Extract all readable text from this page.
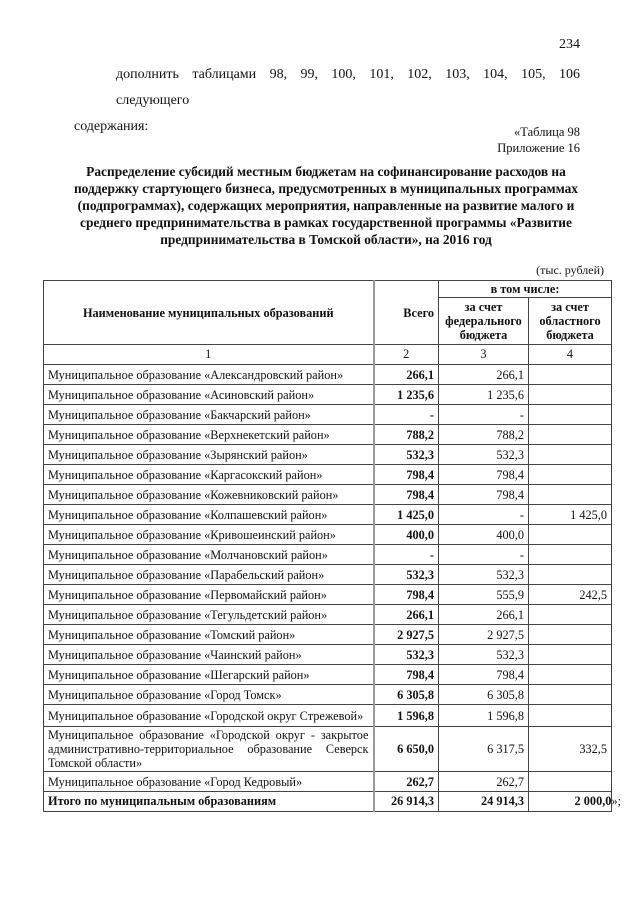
234
дополнить таблицами 98, 99, 100, 101, 102, 103, 104, 105, 106 следующего
содержания:	«Таблица 98
Приложение 16
Распределение субсидий местным бюджетам на софинансирование расходов на поддержку стартующего бизнеса, предусмотренных в муниципальных программах (подпрограммах), содержащих мероприятия, направленные на развитие малого и среднего предпринимательства в рамках государственной программы «Развитие предпринимательства в Томской области», на 2016 год
(тыс. рублей)
Наименование муниципальных образований	Всего	в том числе:	
		за счет федерального бюджета	за счет областного бюджета
1	2	3	4
Муниципальное образование «Александровский район»	266,1	266,1	
Муниципальное образование «Асиновский район»	1 235,6	1 235,6	
Муниципальное образование «Бакчарский район»	-	-	
Муниципальное образование «Верхнекетский район»	788,2	788,2	
Муниципальное образование «Зырянский район»	532,3	532,3	
Муниципальное образование «Каргасокский район»	798,4	798,4	
Муниципальное образование «Кожевниковский район»	798,4	798,4	
Муниципальное образование «Колпашевский район»	1 425,0	-	1 425,0
Муниципальное образование «Кривошеинский район»	400,0	400,0	
Муниципальное образование «Молчановский район»	-	-	
Муниципальное образование «Парабельский район»	532,3	532,3	
Муниципальное образование «Первомайский район»	798,4	555,9	242,5
Муниципальное образование «Тегульдетский район»	266,1	266,1	
Муниципальное образование «Томский район»	2 927,5	2 927,5	
Муниципальное образование «Чаинский район»	532,3	532,3	
Муниципальное образование «Шегарский район»	798,4	798,4	
Муниципальное образование «Город Томск»	6 305,8	6 305,8	
Муниципальное образование «Городской округ Стрежевой»	1 596,8	1 596,8	
Муниципальное образование «Городской округ - закрытое административно-территориальное образование Северск Томской области»	6 650,0	6 317,5	332,5
Муниципальное образование «Город Кедровый»	262,7	262,7	
Итого по муниципальным образованиям	26 914,3	24 914,3	2 000,0»;
